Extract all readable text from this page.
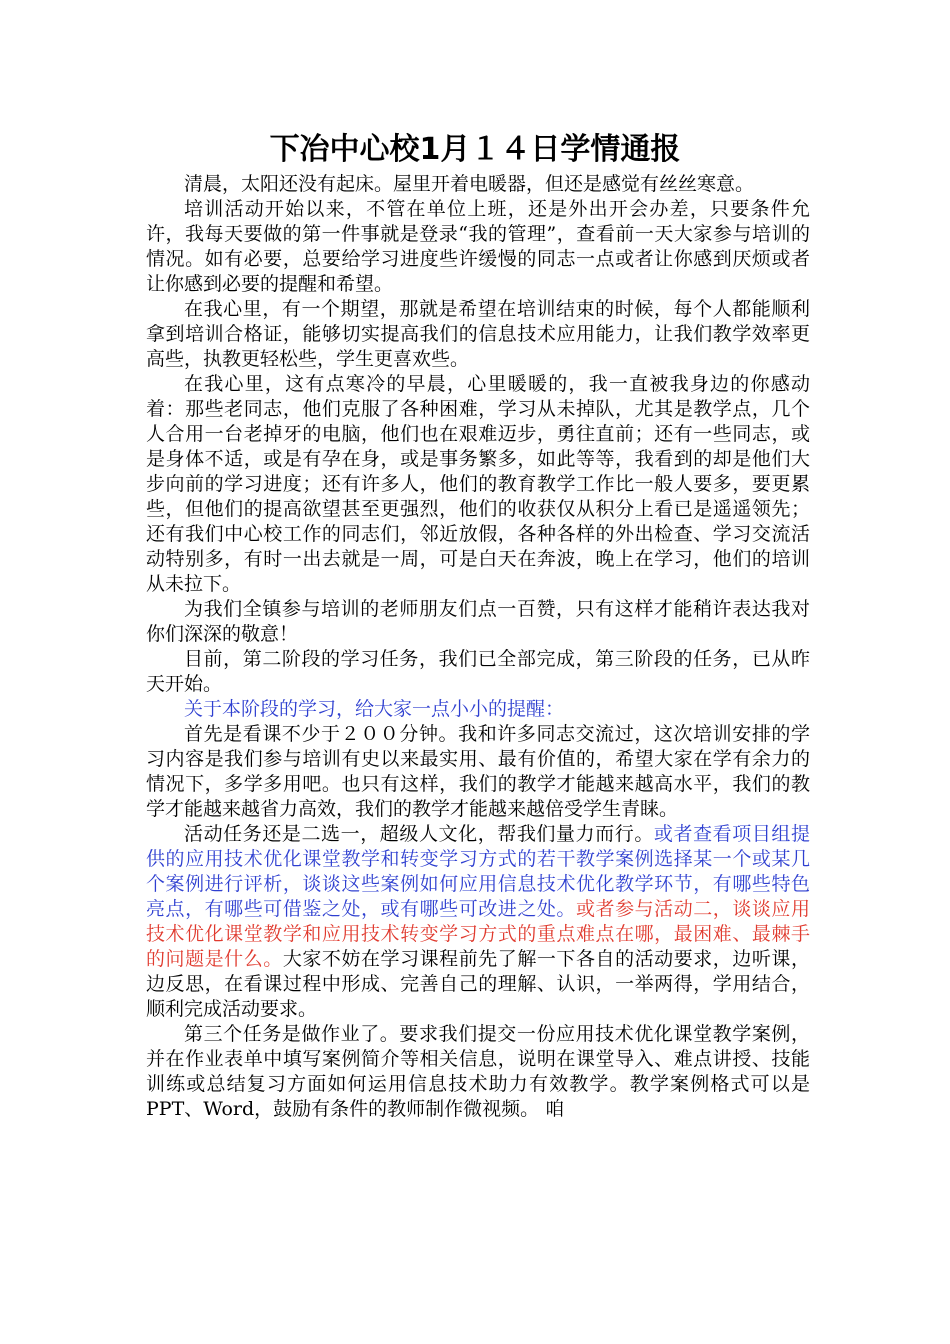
下冶中心校1月１４日学情通报

清晨，太阳还没有起床。屋里开着电暖器，但还是感觉有丝丝寒意。

培训活动开始以来，不管在单位上班，还是外出开会办差，只要条件允许，我每天要做的第一件事就是登录“我的管理”，查看前一天大家参与培训的情况。如有必要，总要给学习进度些许缓慢的同志一点或者让你感到厌烦或者让你感到必要的提醒和希望。

在我心里，有一个期望，那就是希望在培训结束的时候，每个人都能顺利拿到培训合格证，能够切实提高我们的信息技术应用能力，让我们教学效率更高些，执教更轻松些，学生更喜欢些。

在我心里，这有点寒冷的早晨，心里暖暖的，我一直被我身边的你感动着：那些老同志，他们克服了各种困难，学习从未掉队，尤其是教学点，几个人合用一台老掉牙的电脑，他们也在艰难迈步，勇往直前；还有一些同志，或是身体不适，或是有孕在身，或是事务繁多，如此等等，我看到的却是他们大步向前的学习进度；还有许多人，他们的教育教学工作比一般人要多，要更累些，但他们的提高欲望甚至更强烈，他们的收获仅从积分上看已是遥遥领先；还有我们中心校工作的同志们，邻近放假，各种各样的外出检查、学习交流活动特别多，有时一出去就是一周，可是白天在奔波，晚上在学习，他们的培训从未拉下。

为我们全镇参与培训的老师朋友们点一百赞，只有这样才能稍许表达我对你们深深的敬意！

目前，第二阶段的学习任务，我们已全部完成，第三阶段的任务，已从昨天开始。

关于本阶段的学习，给大家一点小小的提醒：

首先是看课不少于２００分钟。我和许多同志交流过，这次培训安排的学习内容是我们参与培训有史以来最实用、最有价值的，希望大家在学有余力的情况下，多学多用吧。也只有这样，我们的教学才能越来越高水平，我们的教学才能越来越省力高效，我们的教学才能越来越倍受学生青睐。

活动任务还是二选一，超级人文化，帮我们量力而行。或者查看项目组提供的应用技术优化课堂教学和转变学习方式的若干教学案例选择某一个或某几个案例进行评析，谈谈这些案例如何应用信息技术优化教学环节，有哪些特色亮点，有哪些可借鉴之处，或有哪些可改进之处。或者参与活动二，谈谈应用技术优化课堂教学和应用技术转变学习方式的重点难点在哪，最困难、最棘手的问题是什么。大家不妨在学习课程前先了解一下各自的活动要求，边听课，边反思，在看课过程中形成、完善自己的理解、认识，一举两得，学用结合，顺利完成活动要求。

第三个任务是做作业了。要求我们提交一份应用技术优化课堂教学案例，并在作业表单中填写案例简介等相关信息，说明在课堂导入、难点讲授、技能训练或总结复习方面如何运用信息技术助力有效教学。教学案例格式可以是PPT、Word，鼓励有条件的教师制作微视频。 咱
